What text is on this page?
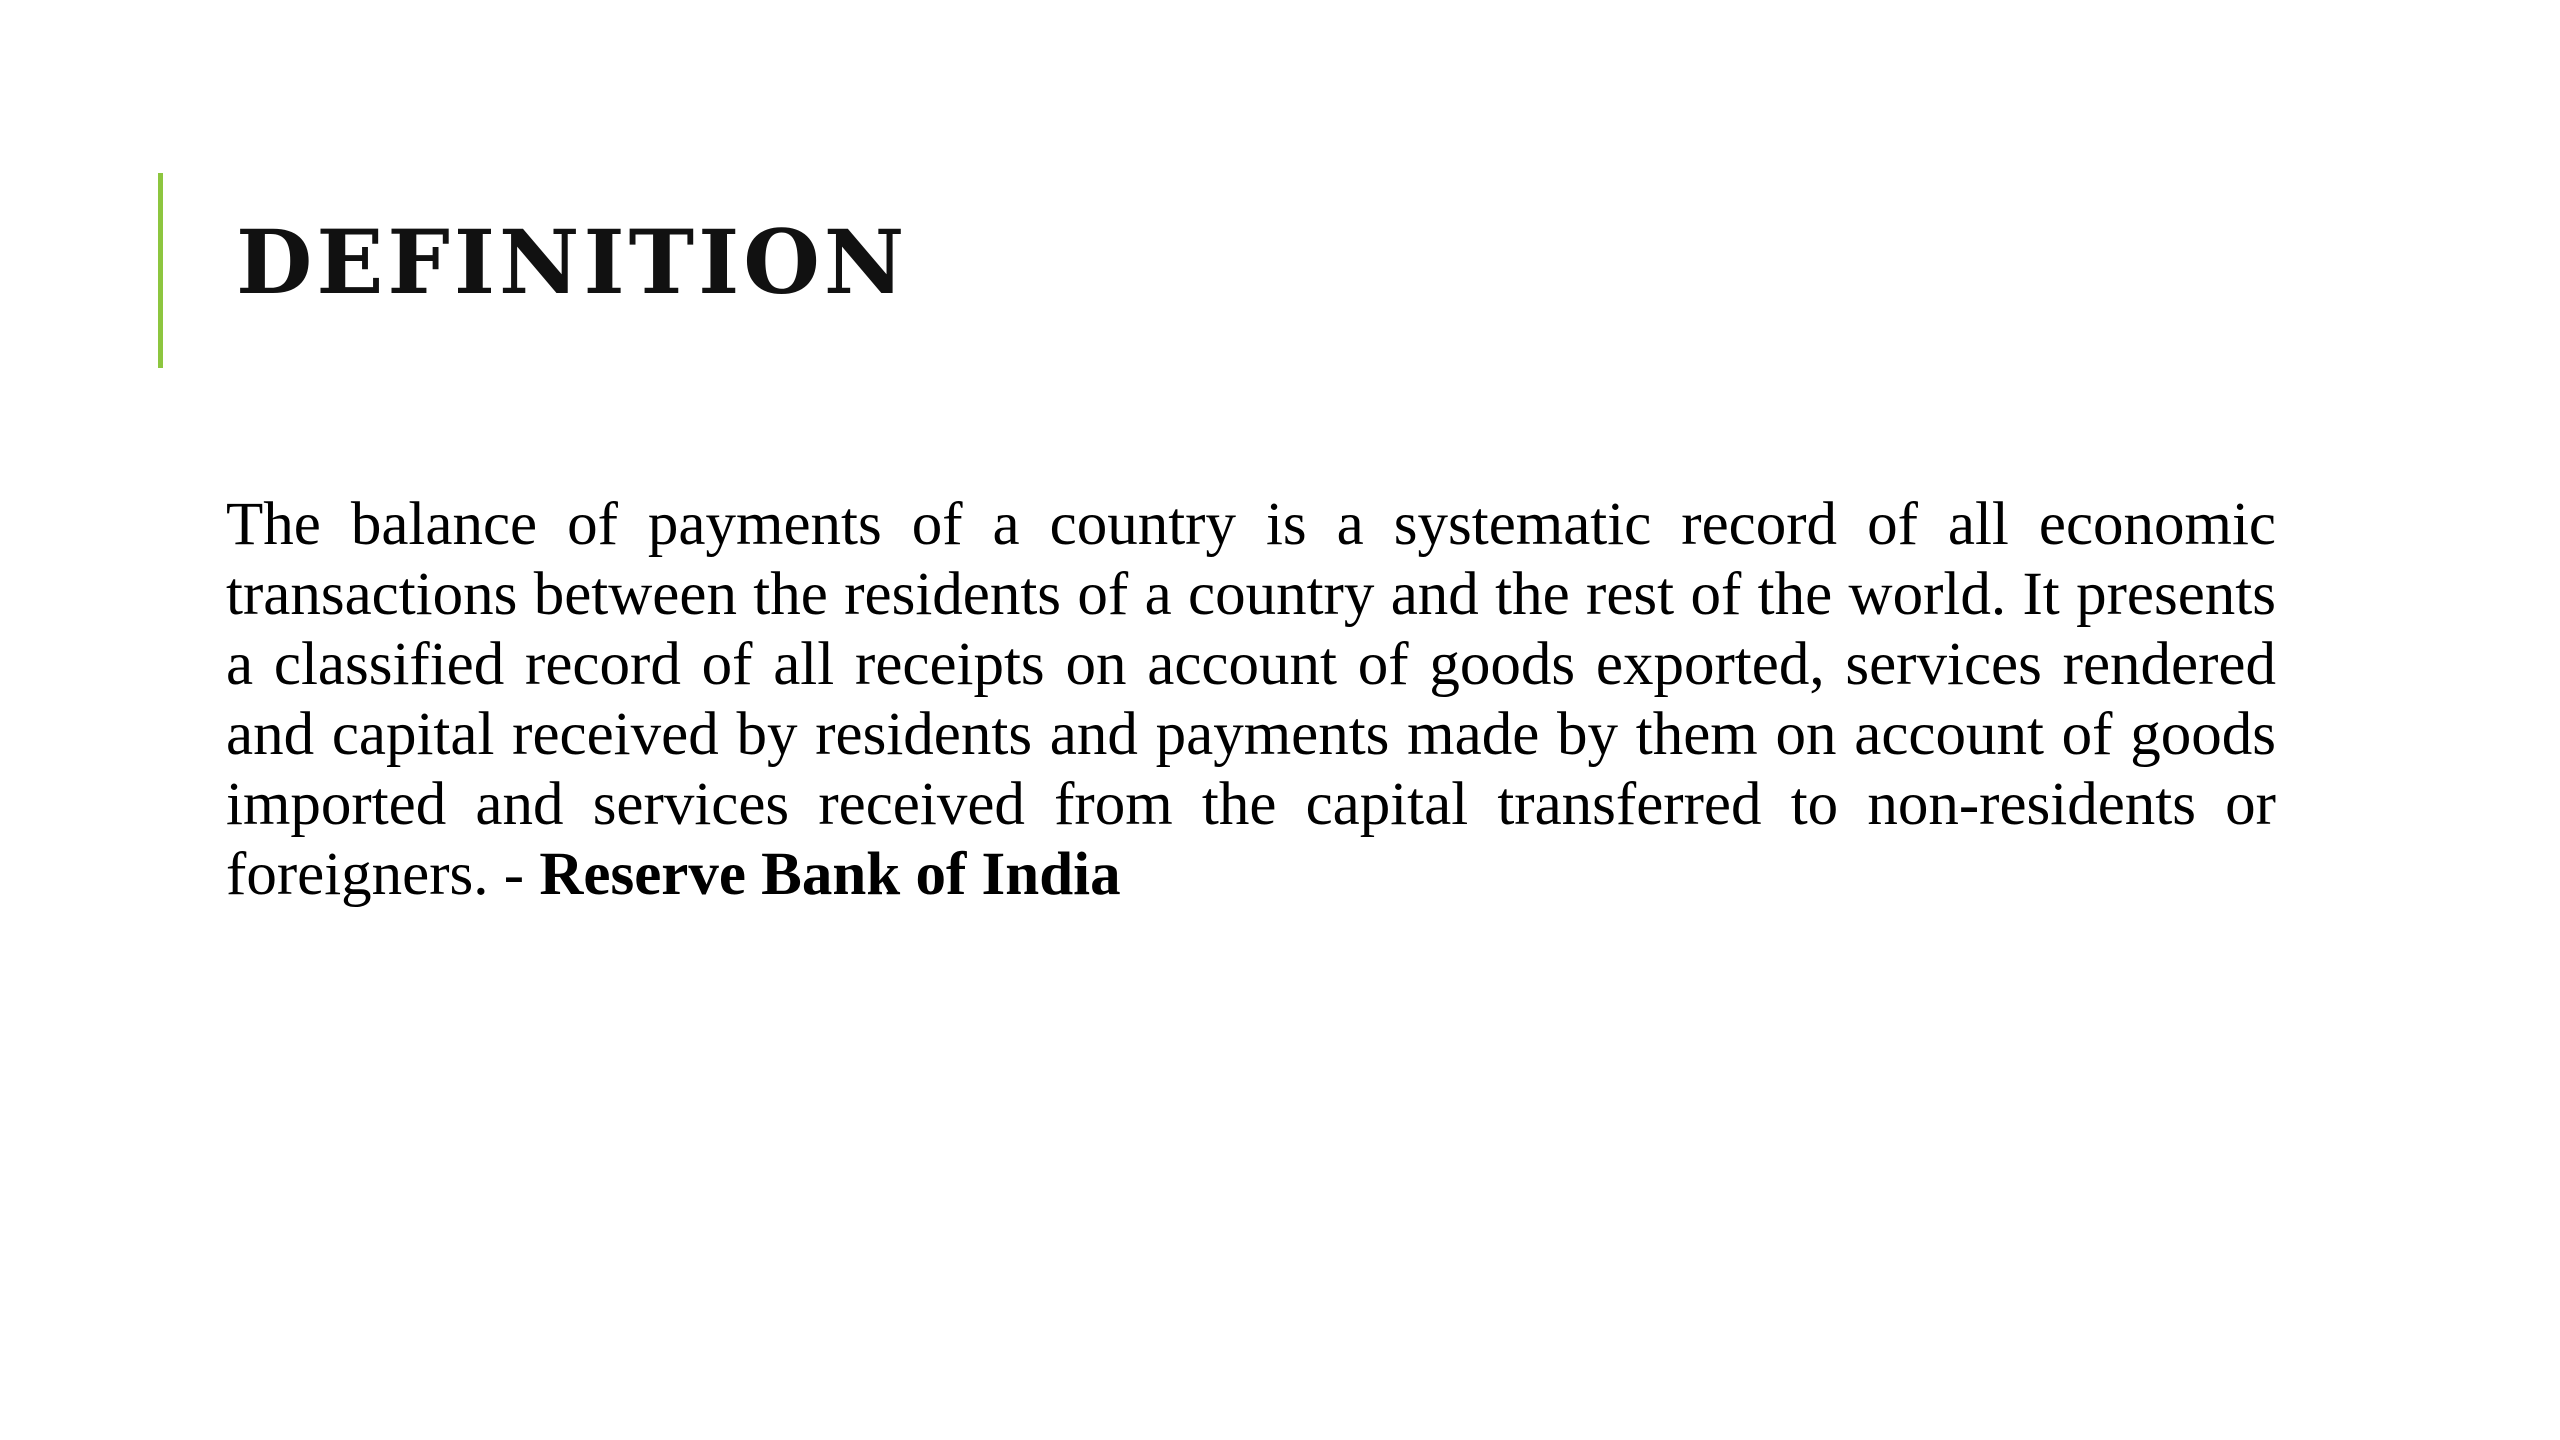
definition

The balance of payments of a country is a systematic record of all economic transactions between the residents of a country and the rest of the world. It presents a classified record of all receipts on account of goods exported, services rendered and capital received by residents and payments made by them on account of goods imported and services received from the capital transferred to non-residents or foreigners. - Reserve Bank of India
